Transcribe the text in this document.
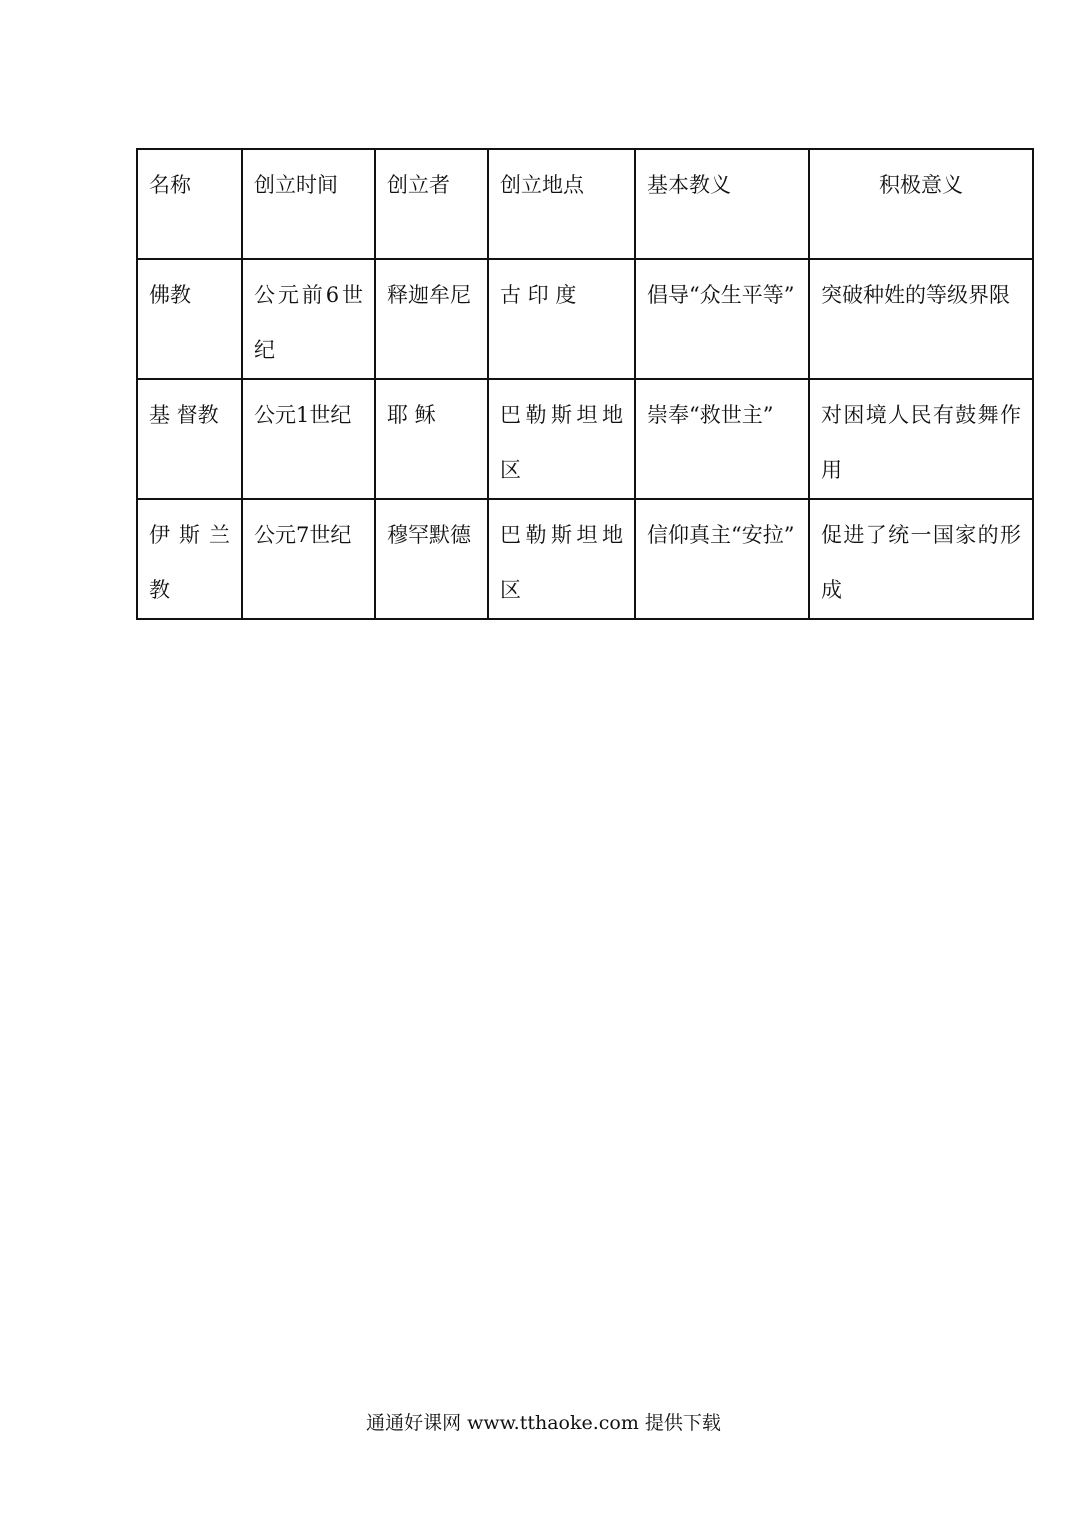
名称	创立时间	创立者	创立地点	基本教义	积极意义
佛教	公元前6世纪	释迦牟尼	古 印 度	倡导“众生平等”	突破种姓的等级界限
基 督教	公元1世纪	耶 稣	巴勒斯坦地区	崇奉“救世主”	对困境人民有鼓舞作用
伊斯兰教	公元7世纪	穆罕默德	巴勒斯坦地区	信仰真主“安拉”	促进了统一国家的形成
通通好课网 www.tthaoke.com 提供下载
